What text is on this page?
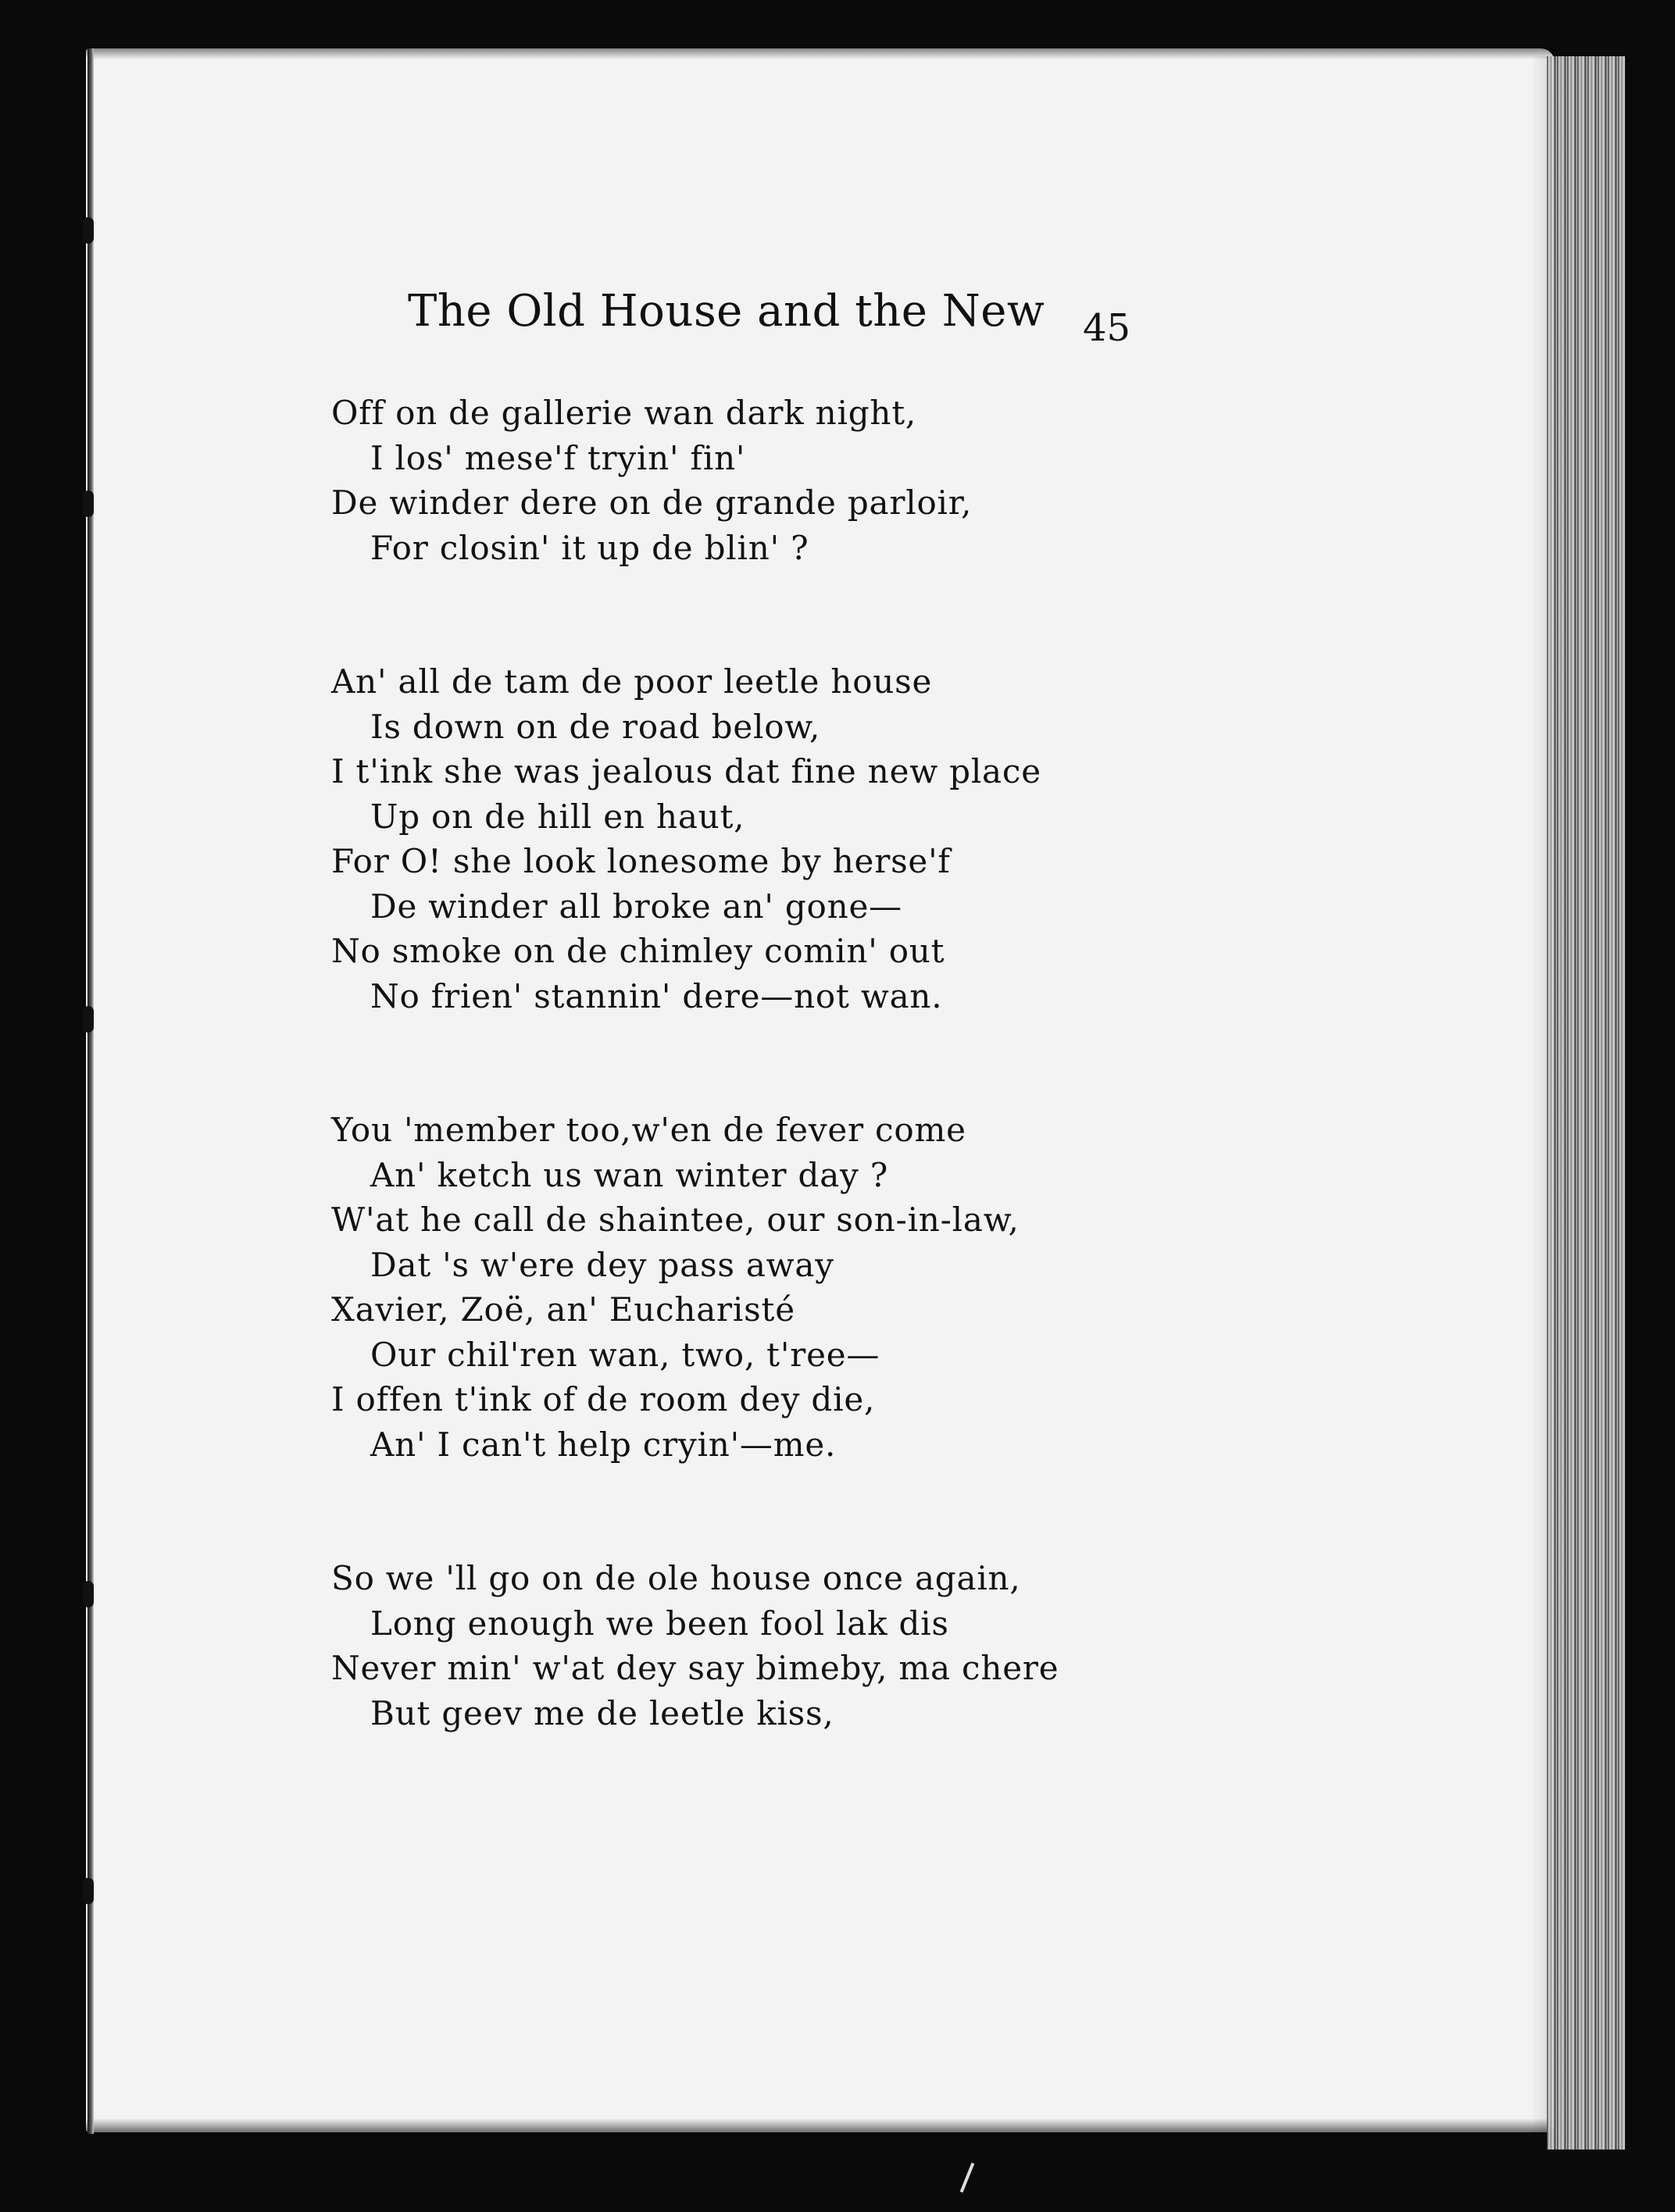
The Old House and the New 45
Off on de gallerie wan dark night,
I los' mese'f tryin' fin'
De winder dere on de grande parloir,
For closin' it up de blin' ?
An' all de tam de poor leetle house
Is down on de road below,
I t'ink she was jealous dat fine new place
Up on de hill en haut,
For O! she look lonesome by herse'f
De winder all broke an' gone—
No smoke on de chimley comin' out
No frien' stannin' dere—not wan.
You 'member too,w'en de fever come
An' ketch us wan winter day ?
W'at he call de shaintee, our son-in-law,
Dat 's w'ere dey pass away
Xavier, Zoë, an' Eucharisté
Our chil'ren wan, two, t'ree—
I offen t'ink of de room dey die,
An' I can't help cryin'—me.
So we 'll go on de ole house once again,
Long enough we been fool lak dis
Never min' w'at dey say bimeby, ma chere
But geev me de leetle kiss,
